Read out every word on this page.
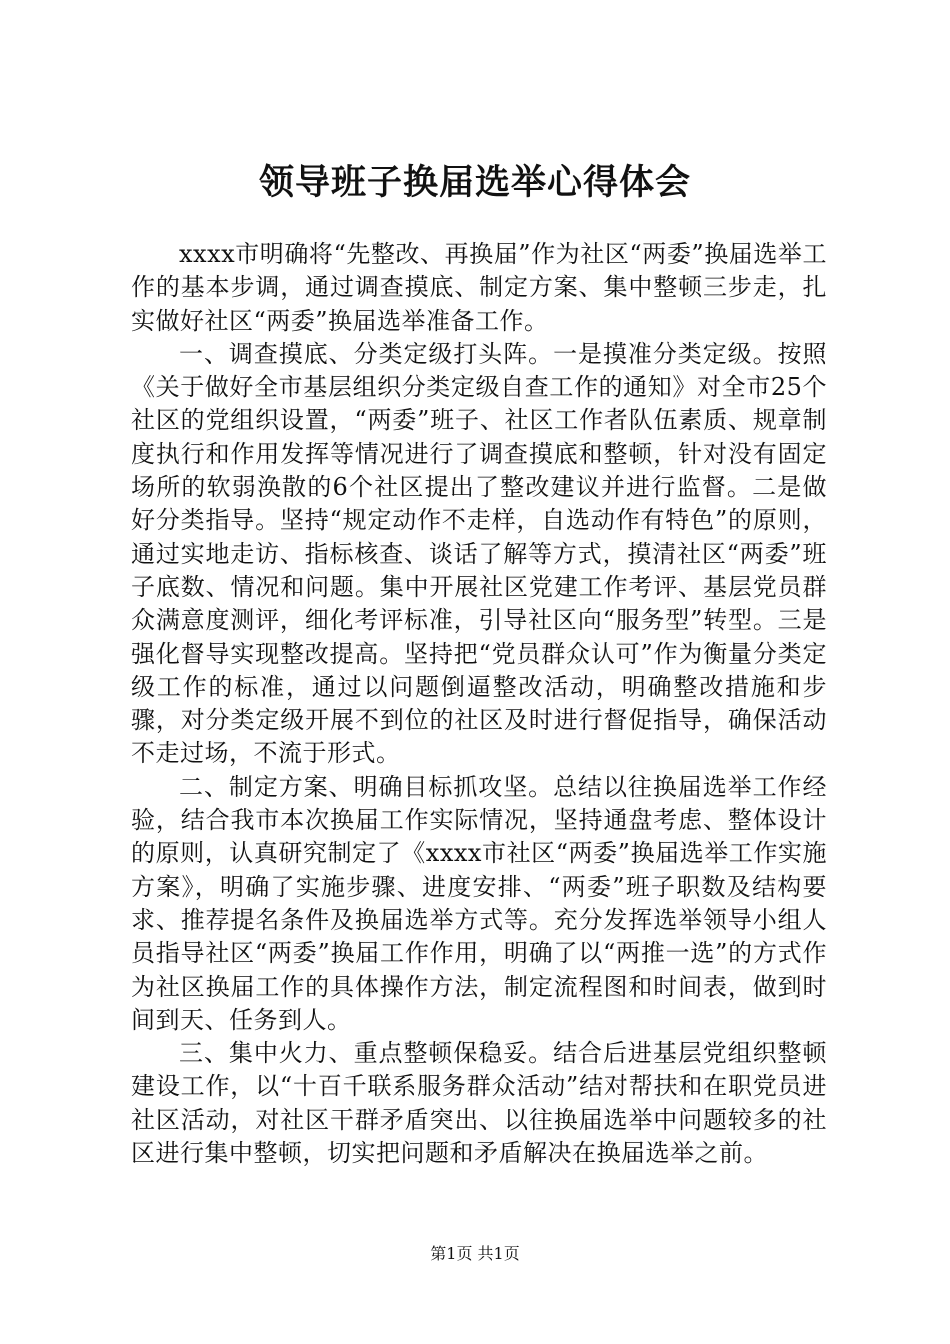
领导班子换届选举心得体会

xxxx市明确将“先整改、再换届”作为社区“两委”换届选举工作的基本步调，通过调查摸底、制定方案、集中整顿三步走，扎实做好社区“两委”换届选举准备工作。

一、调查摸底、分类定级打头阵。一是摸准分类定级。按照《关于做好全市基层组织分类定级自查工作的通知》对全市25个社区的党组织设置，“两委”班子、社区工作者队伍素质、规章制度执行和作用发挥等情况进行了调查摸底和整顿，针对没有固定场所的软弱涣散的6个社区提出了整改建议并进行监督。二是做好分类指导。坚持“规定动作不走样，自选动作有特色”的原则，通过实地走访、指标核查、谈话了解等方式，摸清社区“两委”班子底数、情况和问题。集中开展社区党建工作考评、基层党员群众满意度测评，细化考评标准，引导社区向“服务型”转型。三是强化督导实现整改提高。坚持把“党员群众认可”作为衡量分类定级工作的标准，通过以问题倒逼整改活动，明确整改措施和步骤，对分类定级开展不到位的社区及时进行督促指导，确保活动不走过场，不流于形式。

二、制定方案、明确目标抓攻坚。总结以往换届选举工作经验，结合我市本次换届工作实际情况，坚持通盘考虑、整体设计的原则，认真研究制定了《xxxx市社区“两委”换届选举工作实施方案》，明确了实施步骤、进度安排、“两委”班子职数及结构要求、推荐提名条件及换届选举方式等。充分发挥选举领导小组人员指导社区“两委”换届工作作用，明确了以“两推一选”的方式作为社区换届工作的具体操作方法，制定流程图和时间表，做到时间到天、任务到人。

三、集中火力、重点整顿保稳妥。结合后进基层党组织整顿建设工作，以“十百千联系服务群众活动”结对帮扶和在职党员进社区活动，对社区干群矛盾突出、以往换届选举中问题较多的社区进行集中整顿，切实把问题和矛盾解决在换届选举之前。

第1页 共1页
